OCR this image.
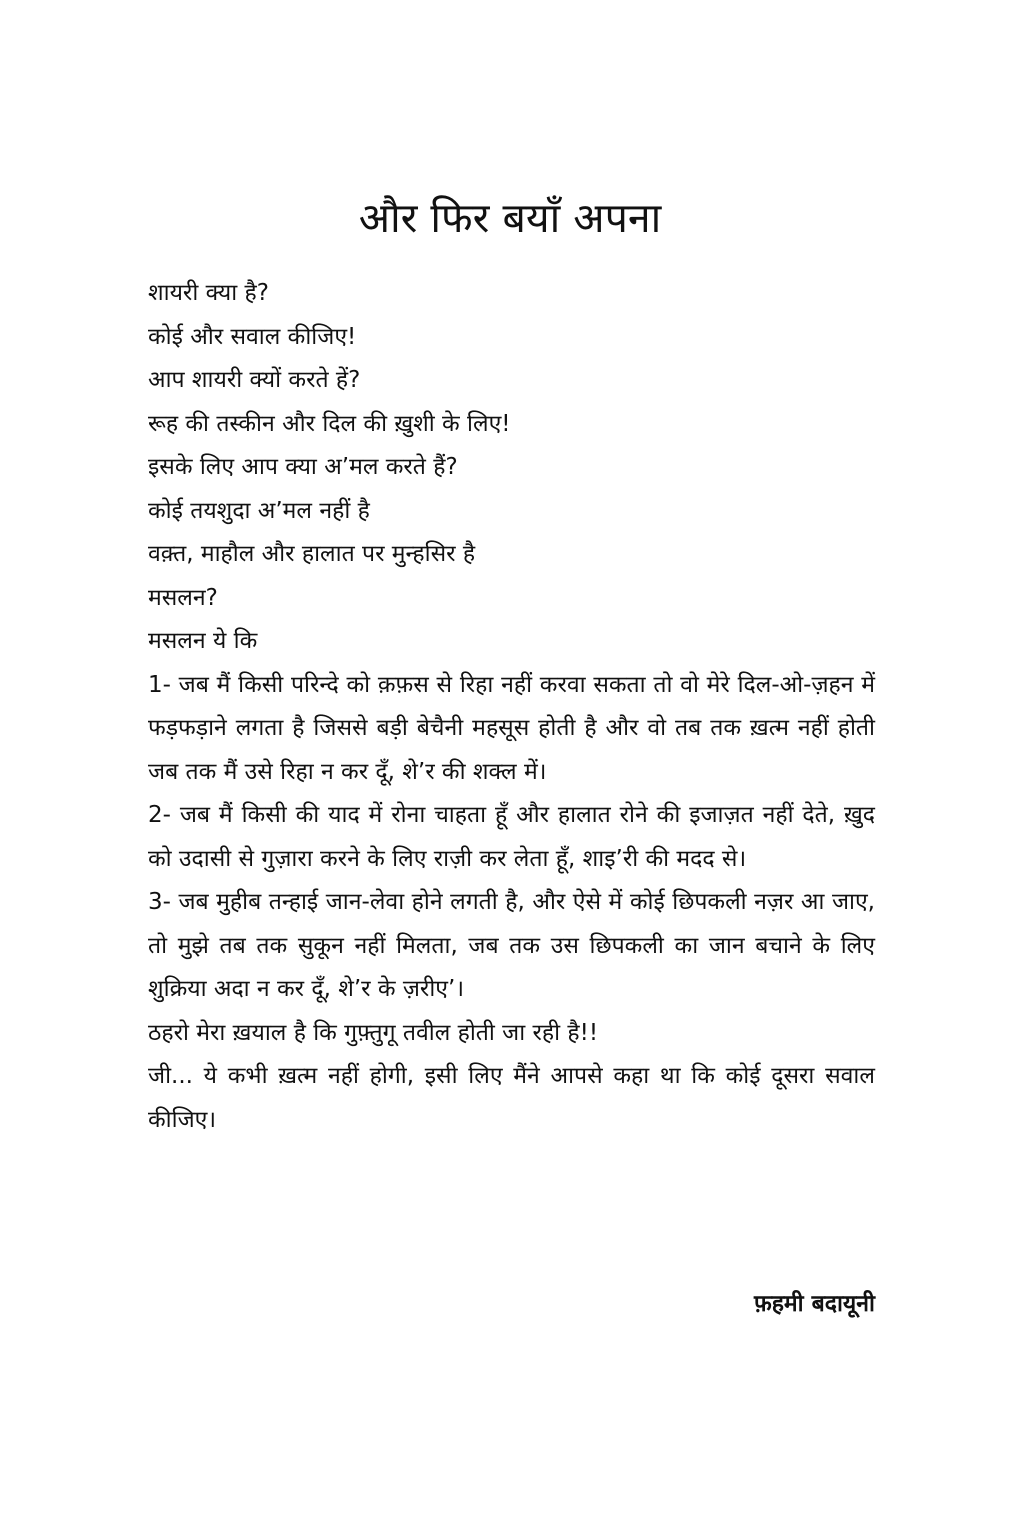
और फिर बयाँ अपना

शायरी क्या है?

कोई और सवाल कीजिए!

आप शायरी क्यों करते हें?

रूह की तस्कीन और दिल की ख़ुशी के लिए!

इसके लिए आप क्या अ’मल करते हैं?

कोई तयशुदा अ’मल नहीं है

वक़्त, माहौल और हालात पर मुन्हसिर है

मसलन?

मसलन ये कि

1- जब मैं किसी परिन्दे को क़फ़स से रिहा नहीं करवा सकता तो वो मेरे दिल-ओ-ज़हन में फड़फड़ाने लगता है जिससे बड़ी बेचैनी महसूस होती है और वो तब तक ख़त्म नहीं होती जब तक मैं उसे रिहा न कर दूँ, शे’र की शक्ल में।

2- जब मैं किसी की याद में रोना चाहता हूँ और हालात रोने की इजाज़त नहीं देते, ख़ुद को उदासी से गुज़ारा करने के लिए राज़ी कर लेता हूँ, शाइ’री की मदद से।

3- जब मुहीब तन्हाई जान-लेवा होने लगती है, और ऐसे में कोई छिपकली नज़र आ जाए, तो मुझे तब तक सुकून नहीं मिलता, जब तक उस छिपकली का जान बचाने के लिए शुक्रिया अदा न कर दूँ, शे’र के ज़रीए’।

ठहरो मेरा ख़याल है कि गुफ़्तुगू तवील होती जा रही है!!

जी... ये कभी ख़त्म नहीं होगी, इसी लिए मैंने आपसे कहा था कि कोई दूसरा सवाल कीजिए।

फ़हमी बदायूनी
